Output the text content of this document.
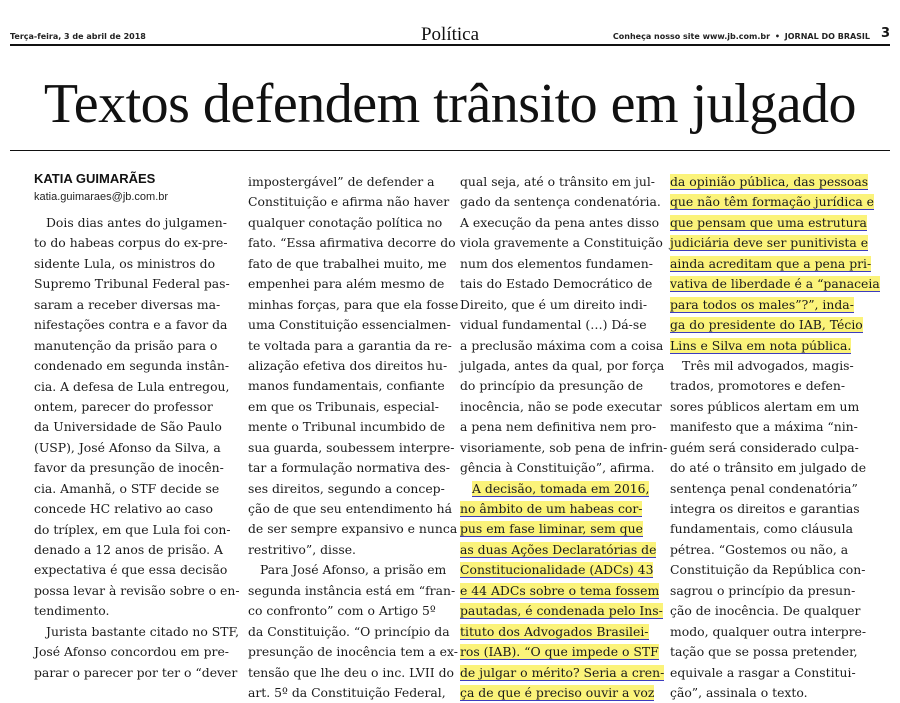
Terça-feira, 3 de abril de 2018	Política	Conheça nosso site www.jb.com.br • JORNAL DO BRASIL 3
Textos defendem trânsito em julgado
KATIA GUIMARÃES
katia.guimaraes@jb.com.br
Dois dias antes do julgamen-
to do habeas corpus do ex-pre-
sidente Lula, os ministros do
Supremo Tribunal Federal pas-
saram a receber diversas ma-
nifestações contra e a favor da
manutenção da prisão para o
condenado em segunda instân-
cia. A defesa de Lula entregou,
ontem, parecer do professor
da Universidade de São Paulo
(USP), José Afonso da Silva, a
favor da presunção de inocên-
cia. Amanhã, o STF decide se
concede HC relativo ao caso
do tríplex, em que Lula foi con-
denado a 12 anos de prisão. A
expectativa é que essa decisão
possa levar à revisão sobre o en-
tendimento.
Jurista bastante citado no STF,
José Afonso concordou em pre-
parar o parecer por ter o “dever
impostergável” de defender a
Constituição e afirma não haver
qualquer conotação política no
fato. “Essa afirmativa decorre do
fato de que trabalhei muito, me
empenhei para além mesmo de
minhas forças, para que ela fosse
uma Constituição essencialmen-
te voltada para a garantia da re-
alização efetiva dos direitos hu-
manos fundamentais, confiante
em que os Tribunais, especial-
mente o Tribunal incumbido de
sua guarda, soubessem interpre-
tar a formulação normativa des-
ses direitos, segundo a concep-
ção de que seu entendimento há
de ser sempre expansivo e nunca
restritivo”, disse.
Para José Afonso, a prisão em
segunda instância está em “fran-
co confronto” com o Artigo 5º
da Constituição. “O princípio da
presunção de inocência tem a ex-
tensão que lhe deu o inc. LVII do
art. 5º da Constituição Federal,
qual seja, até o trânsito em jul-
gado da sentença condenatória.
A execução da pena antes disso
viola gravemente a Constituição
num dos elementos fundamen-
tais do Estado Democrático de
Direito, que é um direito indi-
vidual fundamental (…) Dá-se
a preclusão máxima com a coisa
julgada, antes da qual, por força
do princípio da presunção de
inocência, não se pode executar
a pena nem definitiva nem pro-
visoriamente, sob pena de infrin-
gência à Constituição”, afirma.
A decisão, tomada em 2016,
no âmbito de um habeas cor-
pus em fase liminar, sem que
as duas Ações Declaratórias de
Constitucionalidade (ADCs) 43
e 44 ADCs sobre o tema fossem
pautadas, é condenada pelo Ins-
tituto dos Advogados Brasilei-
ros (IAB). “O que impede o STF
de julgar o mérito? Seria a cren-
ça de que é preciso ouvir a voz
da opinião pública, das pessoas
que não têm formação jurídica e
que pensam que uma estrutura
judiciária deve ser punitivista e
ainda acreditam que a pena pri-
vativa de liberdade é a “panaceia
para todos os males”?”, inda-
ga do presidente do IAB, Técio
Lins e Silva em nota pública.
Três mil advogados, magis-
trados, promotores e defen-
sores públicos alertam em um
manifesto que a máxima “nin-
guém será considerado culpa-
do até o trânsito em julgado de
sentença penal condenatória”
integra os direitos e garantias
fundamentais, como cláusula
pétrea. “Gostemos ou não, a
Constituição da República con-
sagrou o princípio da presun-
ção de inocência. De qualquer
modo, qualquer outra interpre-
tação que se possa pretender,
equivale a rasgar a Constitui-
ção”, assinala o texto.
